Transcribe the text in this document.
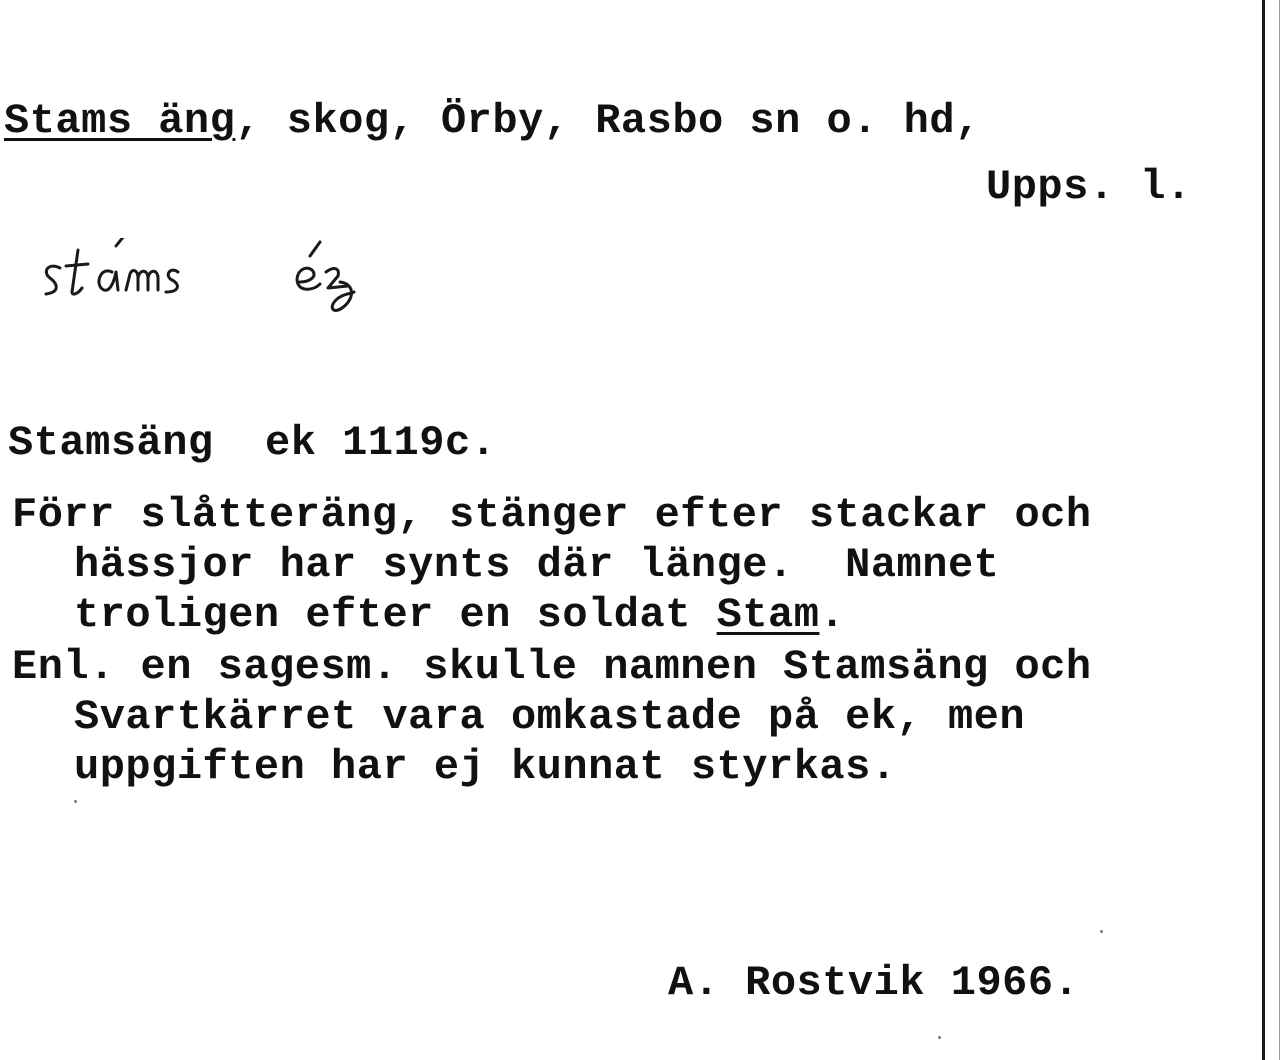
Stams äng, skog, Örby, Rasbo sn o. hd,
Upps. l.
Stamsäng  ek 1119c.
Förr slåtteräng, stänger efter stackar och
hässjor har synts där länge.  Namnet
troligen efter en soldat Stam.
Enl. en sagesm. skulle namnen Stamsäng och
Svartkärret vara omkastade på ek, men
uppgiften har ej kunnat styrkas.
A. Rostvik 1966.
